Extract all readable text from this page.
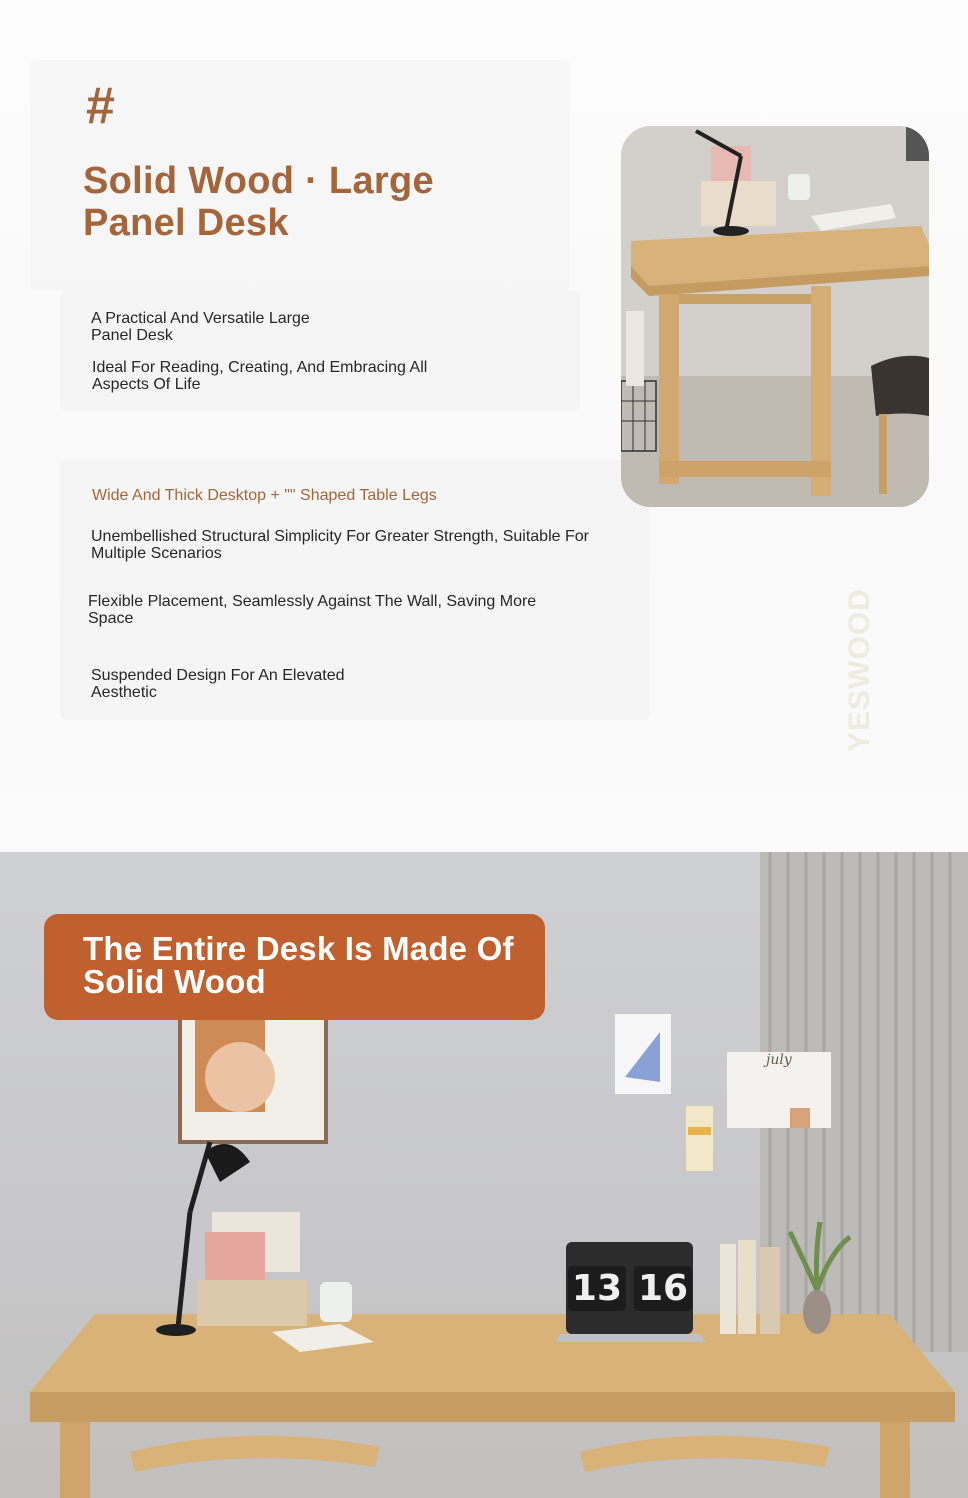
#
Solid Wood · Large Panel Desk
A Practical And Versatile Large Panel Desk
Ideal For Reading, Creating, And Embracing All Aspects Of Life
Wide And Thick Desktop + "" Shaped Table Legs
Unembellished Structural Simplicity For Greater Strength, Suitable For Multiple Scenarios
Flexible Placement, Seamlessly Against The Wall, Saving More Space
Suspended Design For An Elevated Aesthetic	YESWOOD
13 16
july
The Entire Desk Is Made Of Solid Wood
